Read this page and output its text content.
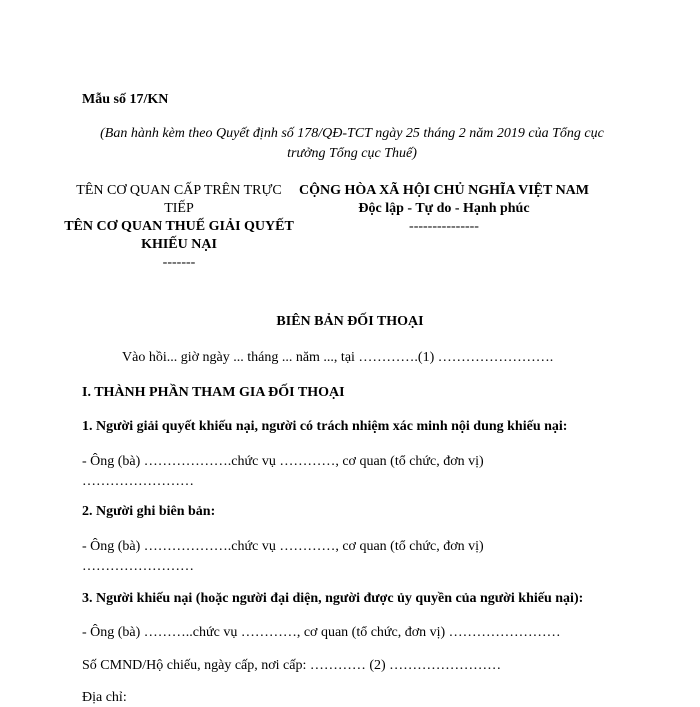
Mẫu số 17/KN
(Ban hành kèm theo Quyết định số 178/QĐ-TCT ngày 25 tháng 2 năm 2019 của Tổng cục trưởng Tổng cục Thuế)
TÊN CƠ QUAN CẤP TRÊN TRỰC TIẾP
TÊN CƠ QUAN THUẾ GIẢI QUYẾT KHIẾU NẠI
-------
CỘNG HÒA XÃ HỘI CHỦ NGHĨA VIỆT NAM
Độc lập - Tự do - Hạnh phúc
---------------
BIÊN BẢN ĐỐI THOẠI
Vào hồi... giờ ngày ... tháng ... năm ..., tại ………….(1) …………………….
I. THÀNH PHẦN THAM GIA ĐỐI THOẠI
1. Người giải quyết khiếu nại, người có trách nhiệm xác minh nội dung khiếu nại:
- Ông (bà) ……………….chức vụ …………, cơ quan (tổ chức, đơn vị)
……………………
2. Người ghi biên bản:
- Ông (bà) ……………….chức vụ …………, cơ quan (tổ chức, đơn vị)
……………………
3. Người khiếu nại (hoặc người đại diện, người được ủy quyền của người khiếu nại):
- Ông (bà) ………..chức vụ …………, cơ quan (tổ chức, đơn vị) ……………………
Số CMND/Hộ chiếu, ngày cấp, nơi cấp: ………… (2) ……………………
Địa chỉ:
